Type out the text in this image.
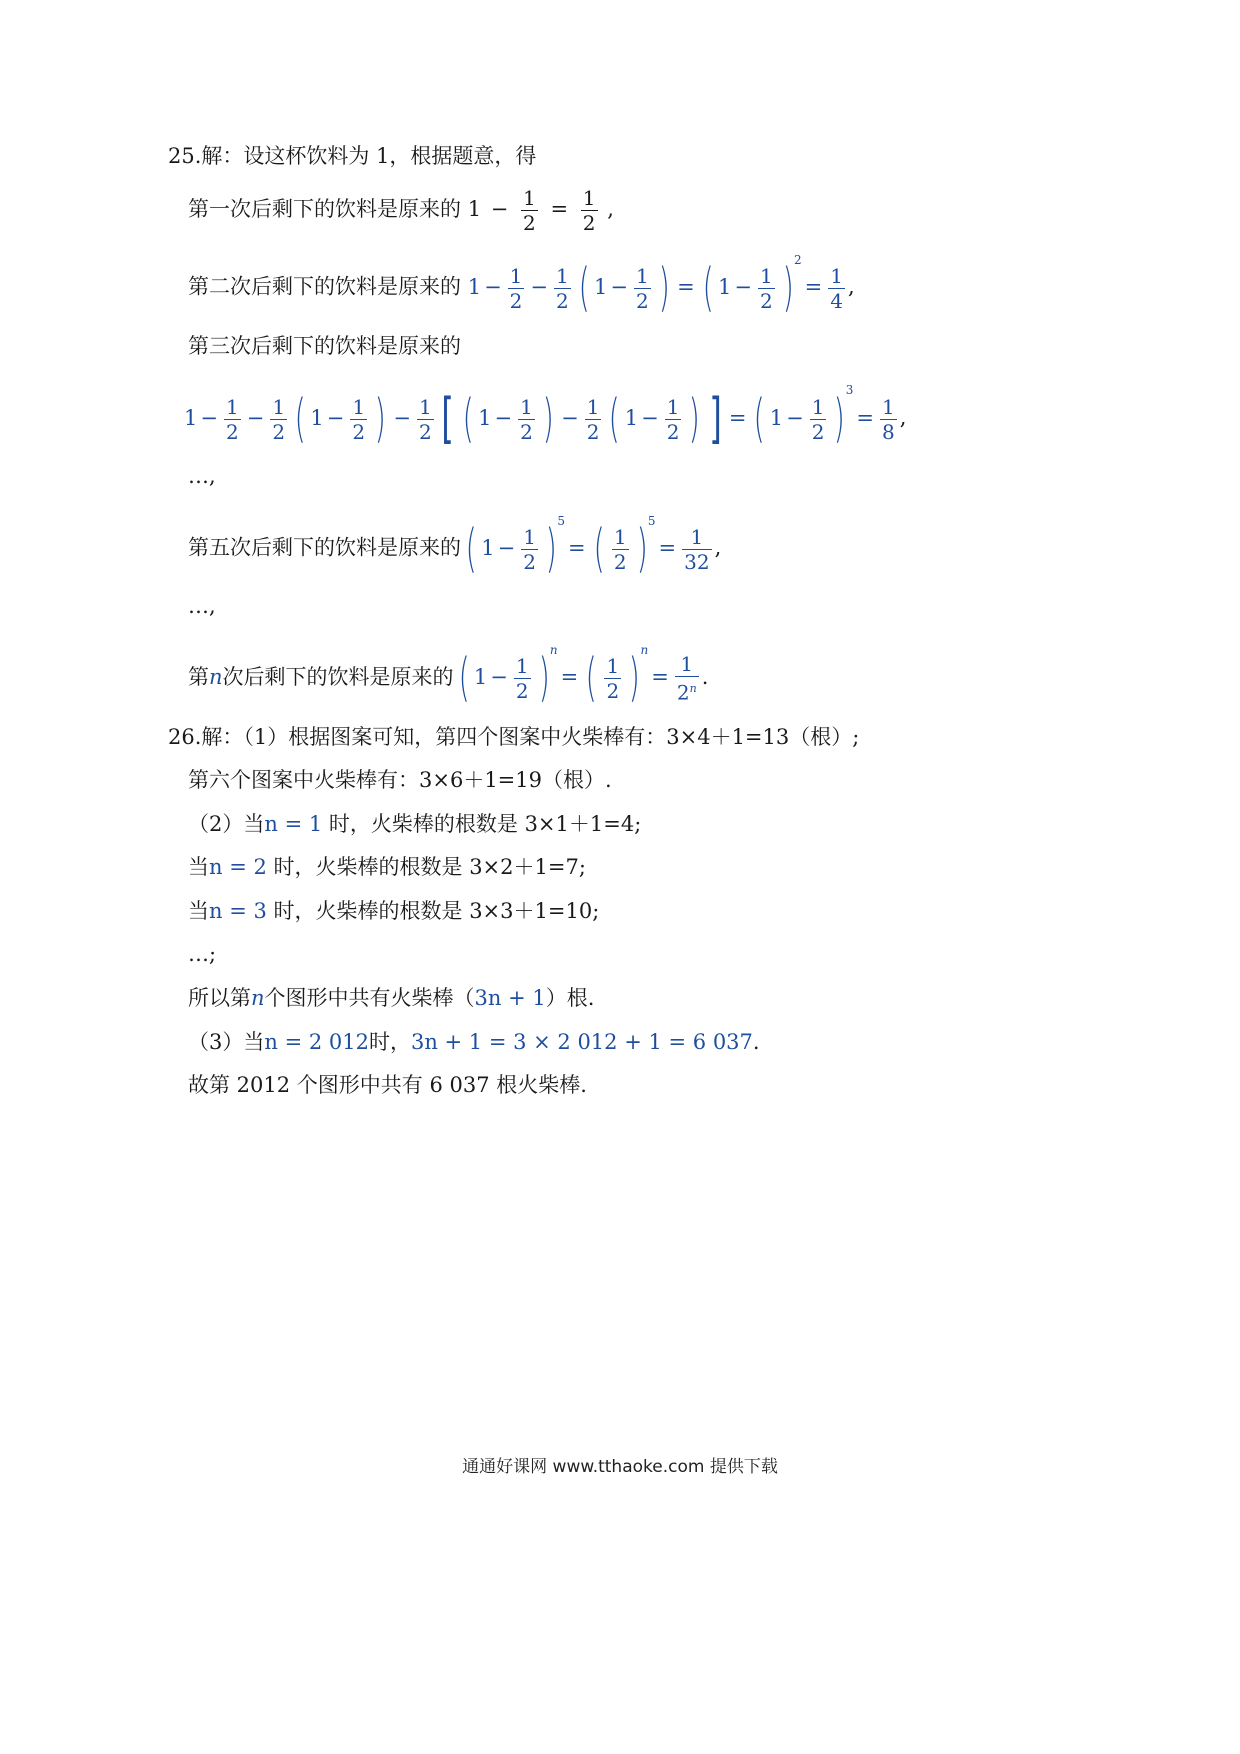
25.解：设这杯饮料为 1，根据题意，得
第一次后剩下的饮料是原来的 $1 - \frac{1}{2} = \frac{1}{2}$ ,
第二次后剩下的饮料是原来的 $1 - \frac{1}{2} - \frac{1}{2}$ ( $1 - \frac{1}{2}$ ) = ( $1 - \frac{1}{2} )^2= \frac{1}{4}$ ,
第三次后剩下的饮料是原来的
$1 - \frac{1}{2} - \frac{1}{2}$ ( $1 - \frac{1}{2}$ ) − $\frac{1}{2}$ [ ( $1 - \frac{1}{2}$ ) − $\frac{1}{2}$ ( $1 - \frac{1}{2}$ ) ] = ( $1 - \frac{1}{2} )^3= \frac{1}{8}$ ,
…,
第五次后剩下的饮料是原来的( $1 - \frac{1}{2} )^5=$ ( $\frac{1}{2} )^5= \frac{1}{32}$ ,
…,
第n次后剩下的饮料是原来的( $1 - \frac{1}{2} )^n=$ ( $\frac{1}{2} )^n= \frac{1}{2^n}$ .
26.解：（1）根据图案可知，第四个图案中火柴棒有：3×4＋1=13（根）;
第六个图案中火柴棒有：3×6＋1=19（根）.
（2）当n = 1 时，火柴棒的根数是 3×1＋1=4;
当n = 2 时，火柴棒的根数是 3×2＋1=7;
当n = 3 时，火柴棒的根数是 3×3＋1=10;
…;
所以第n个图形中共有火柴棒（3n + 1）根.
（3）当n = 2 012时，3n + 1 = 3 × 2 012 + 1 = 6 037.
故第 2012 个图形中共有 6 037 根火柴棒.
通通好课网 www.tthaoke.com 提供下载
